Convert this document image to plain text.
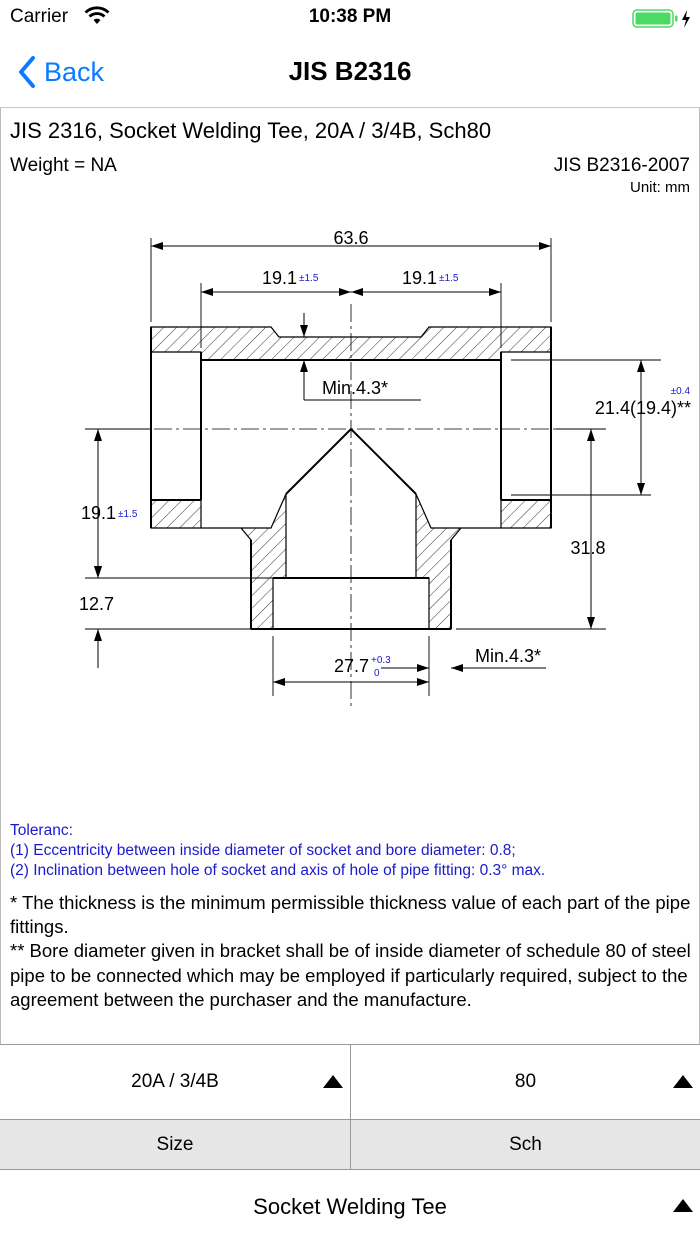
Carrier	10:38 PM
Back	JIS B2316
JIS 2316, Socket Welding Tee, 20A / 3/4B, Sch80
Weight = NA	JIS B2316-2007
Unit: mm
63.6
19.1 ±1.5	19.1 ±1.5
Min.4.3*	±0.4
21.4(19.4)**
19.1 ±1.5
31.8
12.7
27.7 +0.3
0
Min.4.3*
Toleranc:
(1) Eccentricity between inside diameter of socket and bore diameter: 0.8;
(2) Inclination between hole of socket and axis of hole of pipe fitting: 0.3° max.
* The thickness is the minimum permissible thickness value of each part of the pipe fittings.
** Bore diameter given in bracket shall be of inside diameter of schedule 80 of steel pipe to be connected which may be employed if particularly required, subject to the agreement between the purchaser and the manufacture.
20A / 3/4B	80
Size	Sch
Socket Welding Tee
